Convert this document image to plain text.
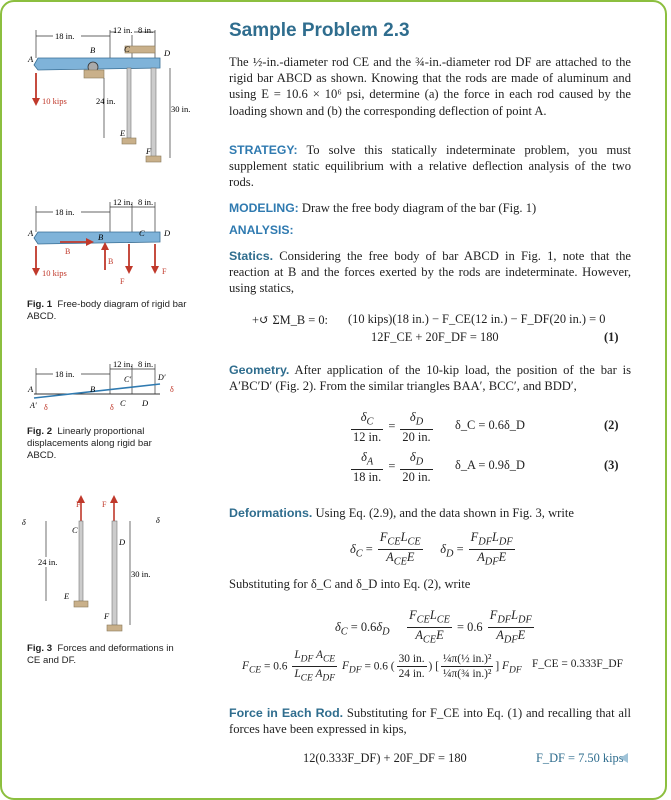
18 in.
12 in. 8 in.
A
B	C	D
E
F
10 kips	24 in.
30 in.
18 in.
12 in. 8 in.
A	B	C D
B
B
10 kips
F
F
Fig. 1 Free-body diagram of rigid bar ABCD.
18 in.
12 in. 8 in.
A	B
C D
A′
C′	D′
δ	δ
δ
Fig. 2 Linearly proportional displacements along rigid bar ABCD.
F	F
C
D
E
F
δ	δ
24 in.
30 in.
Fig. 3 Forces and deformations in CE and DF.
Sample Problem 2.3
The ½-in.-diameter rod CE and the ¾-in.-diameter rod DF are attached to the rigid bar ABCD as shown. Knowing that the rods are made of aluminum and using E = 10.6 × 10⁶ psi, determine (a) the force in each rod caused by the loading shown and (b) the corresponding deflection of point A.
STRATEGY: To solve this statically indeterminate problem, you must supplement static equilibrium with a relative deflection analysis of the two rods.
MODELING: Draw the free body diagram of the bar (Fig. 1)
ANALYSIS:
Statics. Considering the free body of bar ABCD in Fig. 1, note that the reaction at B and the forces exerted by the rods are indeterminate. However, using statics,
+↺ ΣM_B = 0: (10 kips)(18 in.) − F_CE(12 in.) − F_DF(20 in.) = 0
12F_CE + 20F_DF = 180	(1)
Geometry. After application of the 10-kip load, the position of the bar is A′BC′D′ (Fig. 2). From the similar triangles BAA′, BCC′, and BDD′,
$\frac{\delta_C}{12 in.} = \frac{\delta_D}{20 in.}$ δ_C = 0.6δ_D	(2)
$\frac{\delta_A}{18 in.} = \frac{\delta_D}{20 in.}$ δ_A = 0.9δ_D	(3)
Deformations. Using Eq. (2.9), and the data shown in Fig. 3, write
$\delta_C = \frac{F_{CE}L_{CE}}{A_{CE}E} \delta_D = \frac{F_{DF}L_{DF}}{A_{DF}E}$
Substituting for δ_C and δ_D into Eq. (2), write
$\delta_C = 0.6\delta_D \frac{F_{CE}L_{CE}}{A_{CE}E} = 0.6 \frac{F_{DF}L_{DF}}{A_{DF}E}$
$F_{CE} = 0.6 \frac{L_{DF} A_{CE}}{L_{CE} A_{DF}} F_{DF} = 0.6$ ( $\frac{30 in.}{24 in.}$ ) [ $\frac{\text{¼π(½ in.)²}}{\text{¼π(¾ in.)²}}$ ] $F_{DF}$
F_CE = 0.333F_DF
Force in Each Rod. Substituting for F_CE into Eq. (1) and recalling that all forces have been expressed in kips,
12(0.333F_DF) + 20F_DF = 180	F_DF = 7.50 kips
